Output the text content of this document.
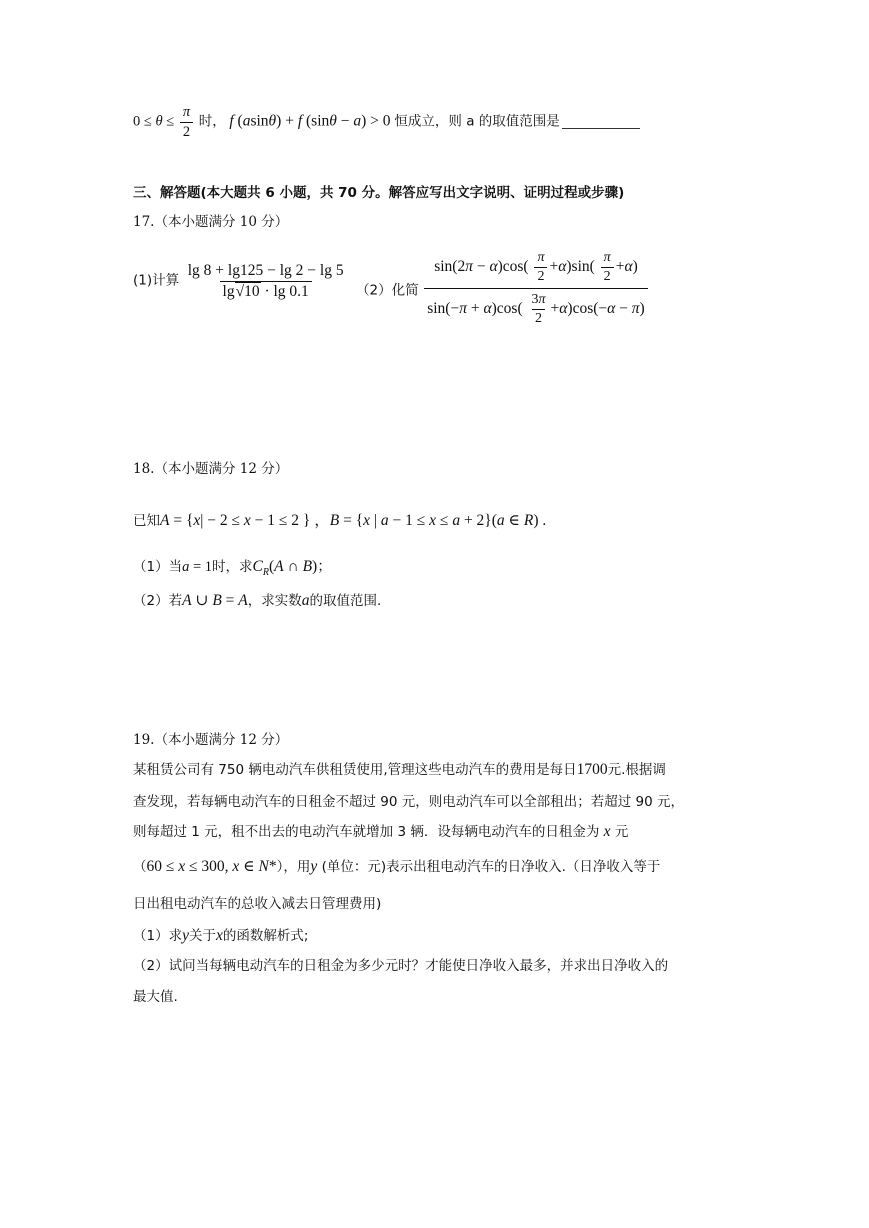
$0 \le \theta \le \frac{\pi}{2}$ 时， f (asinθ) + f (sinθ − a) > 0 恒成立，则 a 的取值范围是
三、解答题(本大题共 6 小题，共 70 分。解答应写出文字说明、证明过程或步骤)
17.（本小题满分 10 分）
(1)计算 $\frac{\lg 8 + \lg 125 - \lg 2 - \lg 5}{\lg√10 \cdot \lg 0.1} (2)$化简 $\frac{\sin(2\pi - \alpha)\cos( \frac{\pi}{2} +\alpha)\sin( \frac{\pi}{2} +\alpha)}{\sin(-\pi + \alpha)\cos( \frac{3\pi}{2} +\alpha)\cos(-\alpha - \pi)}$
18.（本小题满分 12 分）
已知A = {x| − 2 ≤ x − 1 ≤ 2 } ，B = {x | a − 1 ≤ x ≤ a + 2}(a ∈ R) .
（1）当a = 1时，求$C_R(A$ ∩ B)；
（2）若A ∪ B = A，求实数a的取值范围.
19.（本小题满分 12 分）
某租赁公司有 750 辆电动汽车供租赁使用,管理这些电动汽车的费用是每日1700元.根据调
查发现，若每辆电动汽车的日租金不超过 90 元，则电动汽车可以全部租出；若超过 90 元，
则每超过 1 元，租不出去的电动汽车就增加 3 辆．设每辆电动汽车的日租金为 x 元
（60 ≤ x ≤ 300, x ∈ N*），用y (单位：元)表示出租电动汽车的日净收入.（日净收入等于
日出租电动汽车的总收入减去日管理费用)
（1）求y关于x的函数解析式;
（2）试问当每辆电动汽车的日租金为多少元时？才能使日净收入最多，并求出日净收入的
最大值.
